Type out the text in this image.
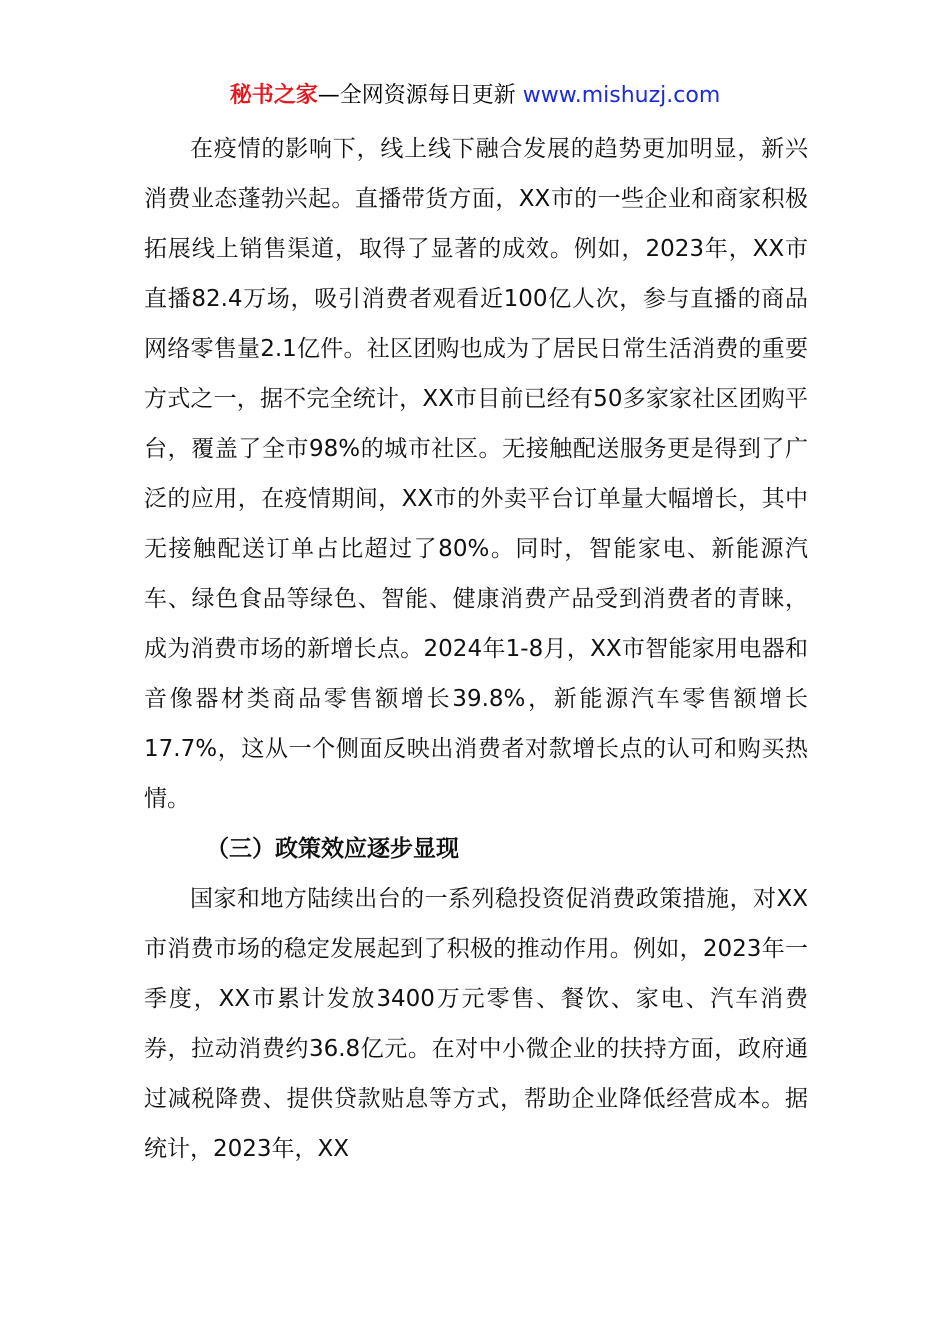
秘书之家—全网资源每日更新 www.mishuzj.com

在疫情的影响下，线上线下融合发展的趋势更加明显，新兴消费业态蓬勃兴起。直播带货方面，XX市的一些企业和商家积极拓展线上销售渠道，取得了显著的成效。例如，2023年，XX市直播82.4万场，吸引消费者观看近100亿人次，参与直播的商品网络零售量2.1亿件。社区团购也成为了居民日常生活消费的重要方式之一，据不完全统计，XX市目前已经有50多家家社区团购平台，覆盖了全市98%的城市社区。无接触配送服务更是得到了广泛的应用，在疫情期间，XX市的外卖平台订单量大幅增长，其中无接触配送订单占比超过了80%。同时，智能家电、新能源汽车、绿色食品等绿色、智能、健康消费产品受到消费者的青睐，成为消费市场的新增长点。2024年1-8月，XX市智能家用电器和音像器材类商品零售额增长39.8%，新能源汽车零售额增长17.7%，这从一个侧面反映出消费者对歀增长点的认可和购买热情。

（三）政策效应逐步显现

国家和地方陆续出台的一系列稳投资促消费政策措施，对XX市消费市场的稳定发展起到了积极的推动作用。例如，2023年一季度，XX市累计发放3400万元零售、餐饮、家电、汽车消费券，拉动消费约36.8亿元。在对中小微企业的扶持方面，政府通过减税降费、提供贷款贴息等方式，帮助企业降低经营成本。据统计，2023年，XX
